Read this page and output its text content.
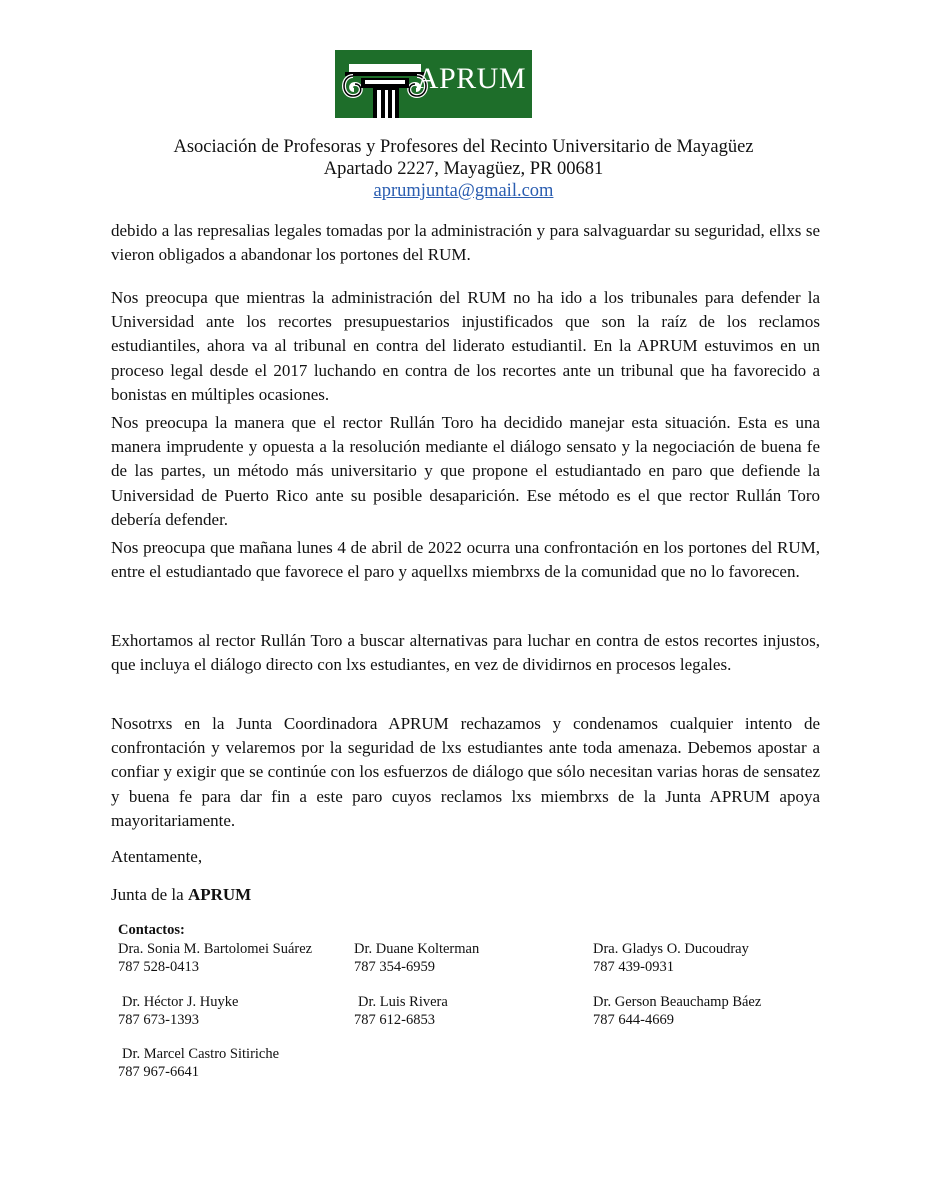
APRUM
Asociación de Profesoras y Profesores del Recinto Universitario de Mayagüez
Apartado 2227, Mayagüez, PR 00681
aprumjunta@gmail.com
debido a las represalias legales tomadas por la administración y para salvaguardar su seguridad, ellxs se vieron obligados a abandonar los portones del RUM.
Nos preocupa que mientras la administración del RUM no ha ido a los tribunales para defender la Universidad ante los recortes presupuestarios injustificados que son la raíz de los reclamos estudiantiles, ahora va al tribunal en contra del liderato estudiantil. En la APRUM estuvimos en un proceso legal desde el 2017 luchando en contra de los recortes ante un tribunal que ha favorecido a bonistas en múltiples ocasiones.
Nos preocupa la manera que el rector Rullán Toro ha decidido manejar esta situación. Esta es una manera imprudente y opuesta a la resolución mediante el diálogo sensato y la negociación de buena fe de las partes, un método más universitario y que propone el estudiantado en paro que defiende la Universidad de Puerto Rico ante su posible desaparición. Ese método es el que rector Rullán Toro debería defender.
Nos preocupa que mañana lunes 4 de abril de 2022 ocurra una confrontación en los portones del RUM, entre el estudiantado que favorece el paro y aquellxs miembrxs de la comunidad que no lo favorecen.
Exhortamos al rector Rullán Toro a buscar alternativas para luchar en contra de estos recortes injustos, que incluya el diálogo directo con lxs estudiantes, en vez de dividirnos en procesos legales.
Nosotrxs en la Junta Coordinadora APRUM rechazamos y condenamos cualquier intento de confrontación y velaremos por la seguridad de lxs estudiantes ante toda amenaza. Debemos apostar a confiar y exigir que se continúe con los esfuerzos de diálogo que sólo necesitan varias horas de sensatez y buena fe para dar fin a este paro cuyos reclamos lxs miembrxs de la Junta APRUM apoya mayoritariamente.
Atentamente,
Junta de la APRUM
Contactos:
Dra. Sonia M. Bartolomei Suárez
787 528-0413
Dr. Duane Kolterman
787 354-6959
Dra. Gladys O. Ducoudray
787 439-0931
Dr. Héctor J. Huyke
787 673-1393
Dr. Luis Rivera
787 612-6853
Dr. Gerson Beauchamp Báez
787 644-4669
Dr. Marcel Castro Sitiriche
787 967-6641
